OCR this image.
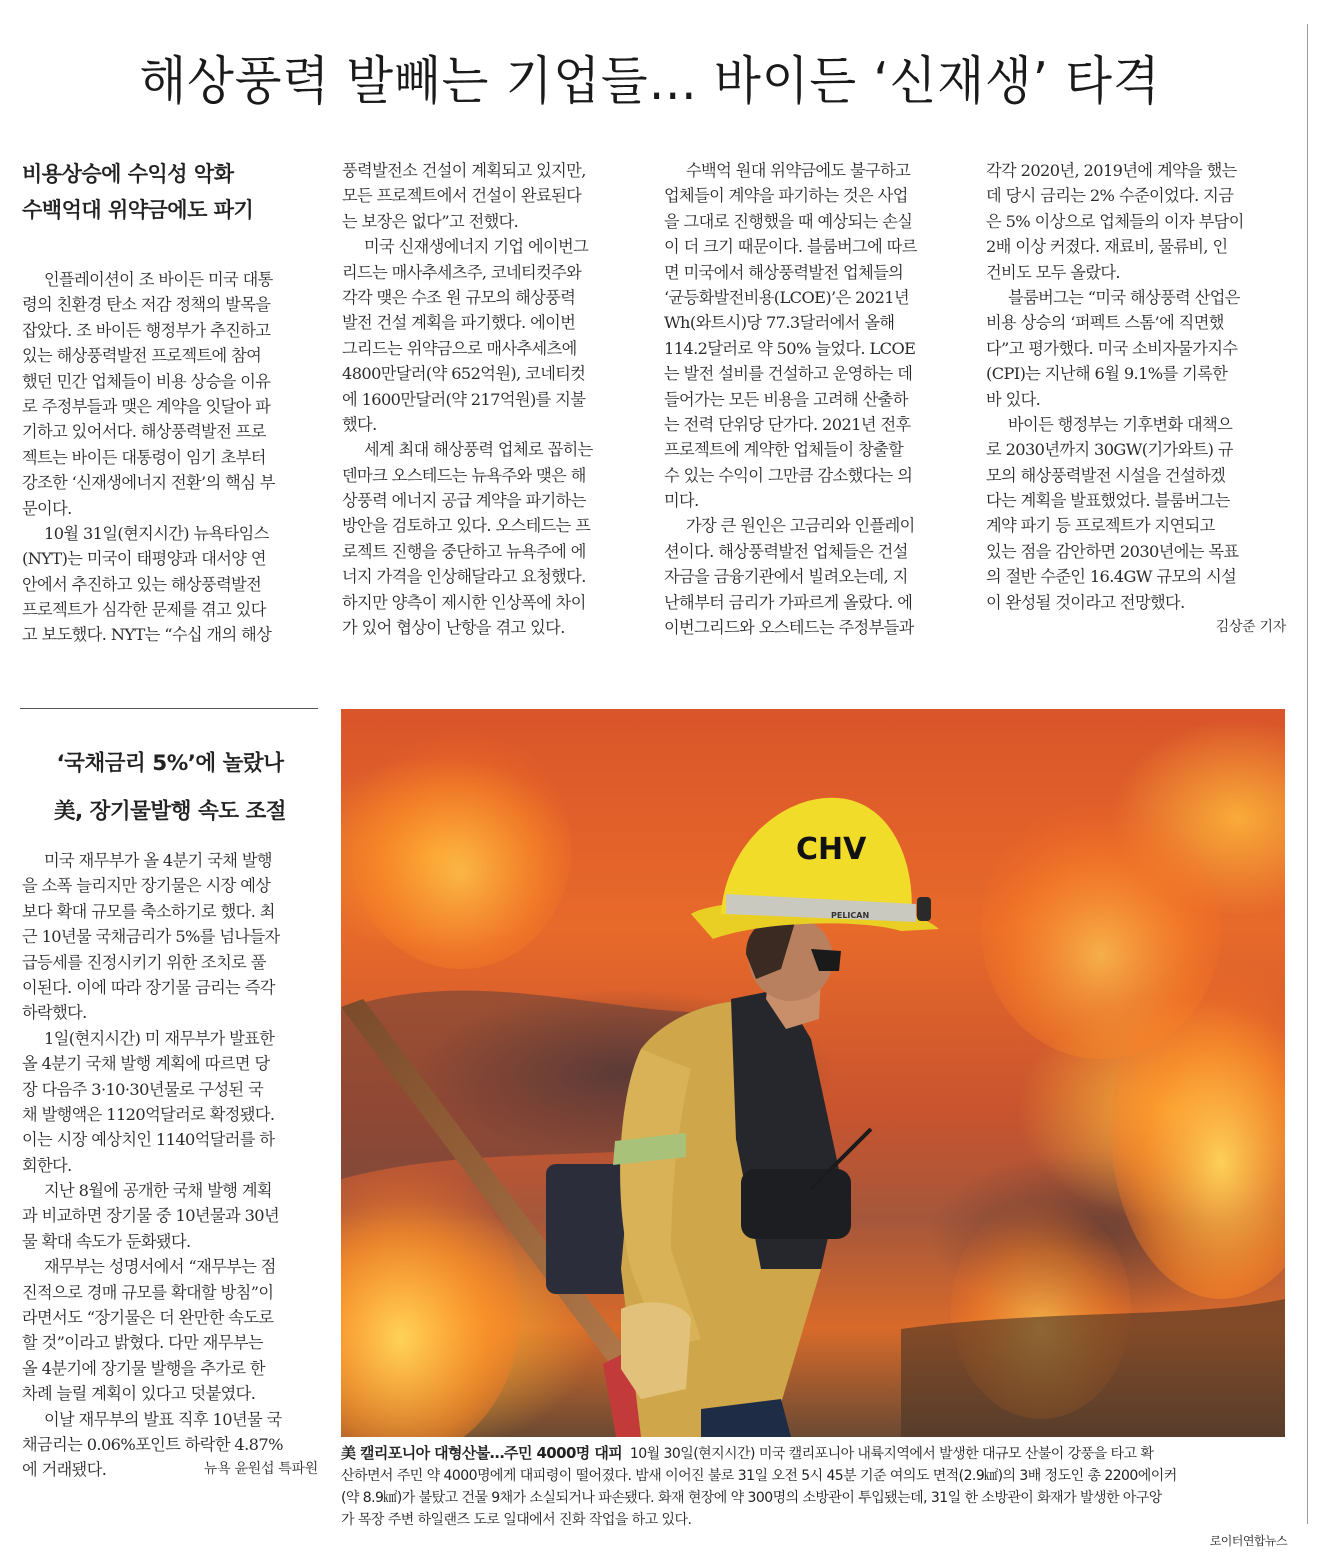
해상풍력 발빼는 기업들… 바이든 ‘신재생’ 타격
비용상승에 수익성 악화
수백억대 위약금에도 파기
인플레이션이 조 바이든 미국 대통
령의 친환경 탄소 저감 정책의 발목을
잡았다. 조 바이든 행정부가 추진하고
있는 해상풍력발전 프로젝트에 참여
했던 민간 업체들이 비용 상승을 이유
로 주정부들과 맺은 계약을 잇달아 파
기하고 있어서다. 해상풍력발전 프로
젝트는 바이든 대통령이 임기 초부터
강조한 ‘신재생에너지 전환’의 핵심 부
문이다.
10월 31일(현지시간) 뉴욕타임스
(NYT)는 미국이 태평양과 대서양 연
안에서 추진하고 있는 해상풍력발전
프로젝트가 심각한 문제를 겪고 있다
고 보도했다. NYT는 “수십 개의 해상
풍력발전소 건설이 계획되고 있지만,
모든 프로젝트에서 건설이 완료된다
는 보장은 없다”고 전했다.
미국 신재생에너지 기업 에이번그
리드는 매사추세츠주, 코네티컷주와
각각 맺은 수조 원 규모의 해상풍력
발전 건설 계획을 파기했다. 에이번
그리드는 위약금으로 매사추세츠에
4800만달러(약 652억원), 코네티컷
에 1600만달러(약 217억원)를 지불
했다.
세계 최대 해상풍력 업체로 꼽히는
덴마크 오스테드는 뉴욕주와 맺은 해
상풍력 에너지 공급 계약을 파기하는
방안을 검토하고 있다. 오스테드는 프
로젝트 진행을 중단하고 뉴욕주에 에
너지 가격을 인상해달라고 요청했다.
하지만 양측이 제시한 인상폭에 차이
가 있어 협상이 난항을 겪고 있다.
수백억 원대 위약금에도 불구하고
업체들이 계약을 파기하는 것은 사업
을 그대로 진행했을 때 예상되는 손실
이 더 크기 때문이다. 블룸버그에 따르
면 미국에서 해상풍력발전 업체들의
‘균등화발전비용(LCOE)’은 2021년
Wh(와트시)당 77.3달러에서 올해
114.2달러로 약 50% 늘었다. LCOE
는 발전 설비를 건설하고 운영하는 데
들어가는 모든 비용을 고려해 산출하
는 전력 단위당 단가다. 2021년 전후
프로젝트에 계약한 업체들이 창출할
수 있는 수익이 그만큼 감소했다는 의
미다.
가장 큰 원인은 고금리와 인플레이
션이다. 해상풍력발전 업체들은 건설
자금을 금융기관에서 빌려오는데, 지
난해부터 금리가 가파르게 올랐다. 에
이번그리드와 오스테드는 주정부들과
각각 2020년, 2019년에 계약을 했는
데 당시 금리는 2% 수준이었다. 지금
은 5% 이상으로 업체들의 이자 부담이
2배 이상 커졌다. 재료비, 물류비, 인
건비도 모두 올랐다.
블룸버그는 “미국 해상풍력 산업은
비용 상승의 ‘퍼펙트 스톰’에 직면했
다”고 평가했다. 미국 소비자물가지수
(CPI)는 지난해 6월 9.1%를 기록한
바 있다.
바이든 행정부는 기후변화 대책으
로 2030년까지 30GW(기가와트) 규
모의 해상풍력발전 시설을 건설하겠
다는 계획을 발표했었다. 블룸버그는
계약 파기 등 프로젝트가 지연되고
있는 점을 감안하면 2030년에는 목표
의 절반 수준인 16.4GW 규모의 시설
이 완성될 것이라고 전망했다.
김상준 기자
‘국채금리 5%’에 놀랐나
美, 장기물발행 속도 조절
미국 재무부가 올 4분기 국채 발행
을 소폭 늘리지만 장기물은 시장 예상
보다 확대 규모를 축소하기로 했다. 최
근 10년물 국채금리가 5%를 넘나들자
급등세를 진정시키기 위한 조치로 풀
이된다. 이에 따라 장기물 금리는 즉각
하락했다.
1일(현지시간) 미 재무부가 발표한
올 4분기 국채 발행 계획에 따르면 당
장 다음주 3·10·30년물로 구성된 국
채 발행액은 1120억달러로 확정됐다.
이는 시장 예상치인 1140억달러를 하
회한다.
지난 8월에 공개한 국채 발행 계획
과 비교하면 장기물 중 10년물과 30년
물 확대 속도가 둔화됐다.
재무부는 성명서에서 “재무부는 점
진적으로 경매 규모를 확대할 방침”이
라면서도 “장기물은 더 완만한 속도로
할 것”이라고 밝혔다. 다만 재무부는
올 4분기에 장기물 발행을 추가로 한
차례 늘릴 계획이 있다고 덧붙였다.
이날 재무부의 발표 직후 10년물 국
채금리는 0.06%포인트 하락한 4.87%
에 거래됐다.	뉴욕 윤원섭 특파원
PELICAN
CHV
美 캘리포니아 대형산불…주민 4000명 대피 10월 30일(현지시간) 미국 캘리포니아 내륙지역에서 발생한 대규모 산불이 강풍을 타고 확
산하면서 주민 약 4000명에게 대피령이 떨어졌다. 밤새 이어진 불로 31일 오전 5시 45분 기준 여의도 면적(2.9㎢)의 3배 정도인 총 2200에이커
(약 8.9㎢)가 불탔고 건물 9채가 소실되거나 파손됐다. 화재 현장에 약 300명의 소방관이 투입됐는데, 31일 한 소방관이 화재가 발생한 아구앙
가 목장 주변 하일랜즈 도로 일대에서 진화 작업을 하고 있다.
로이터연합뉴스
